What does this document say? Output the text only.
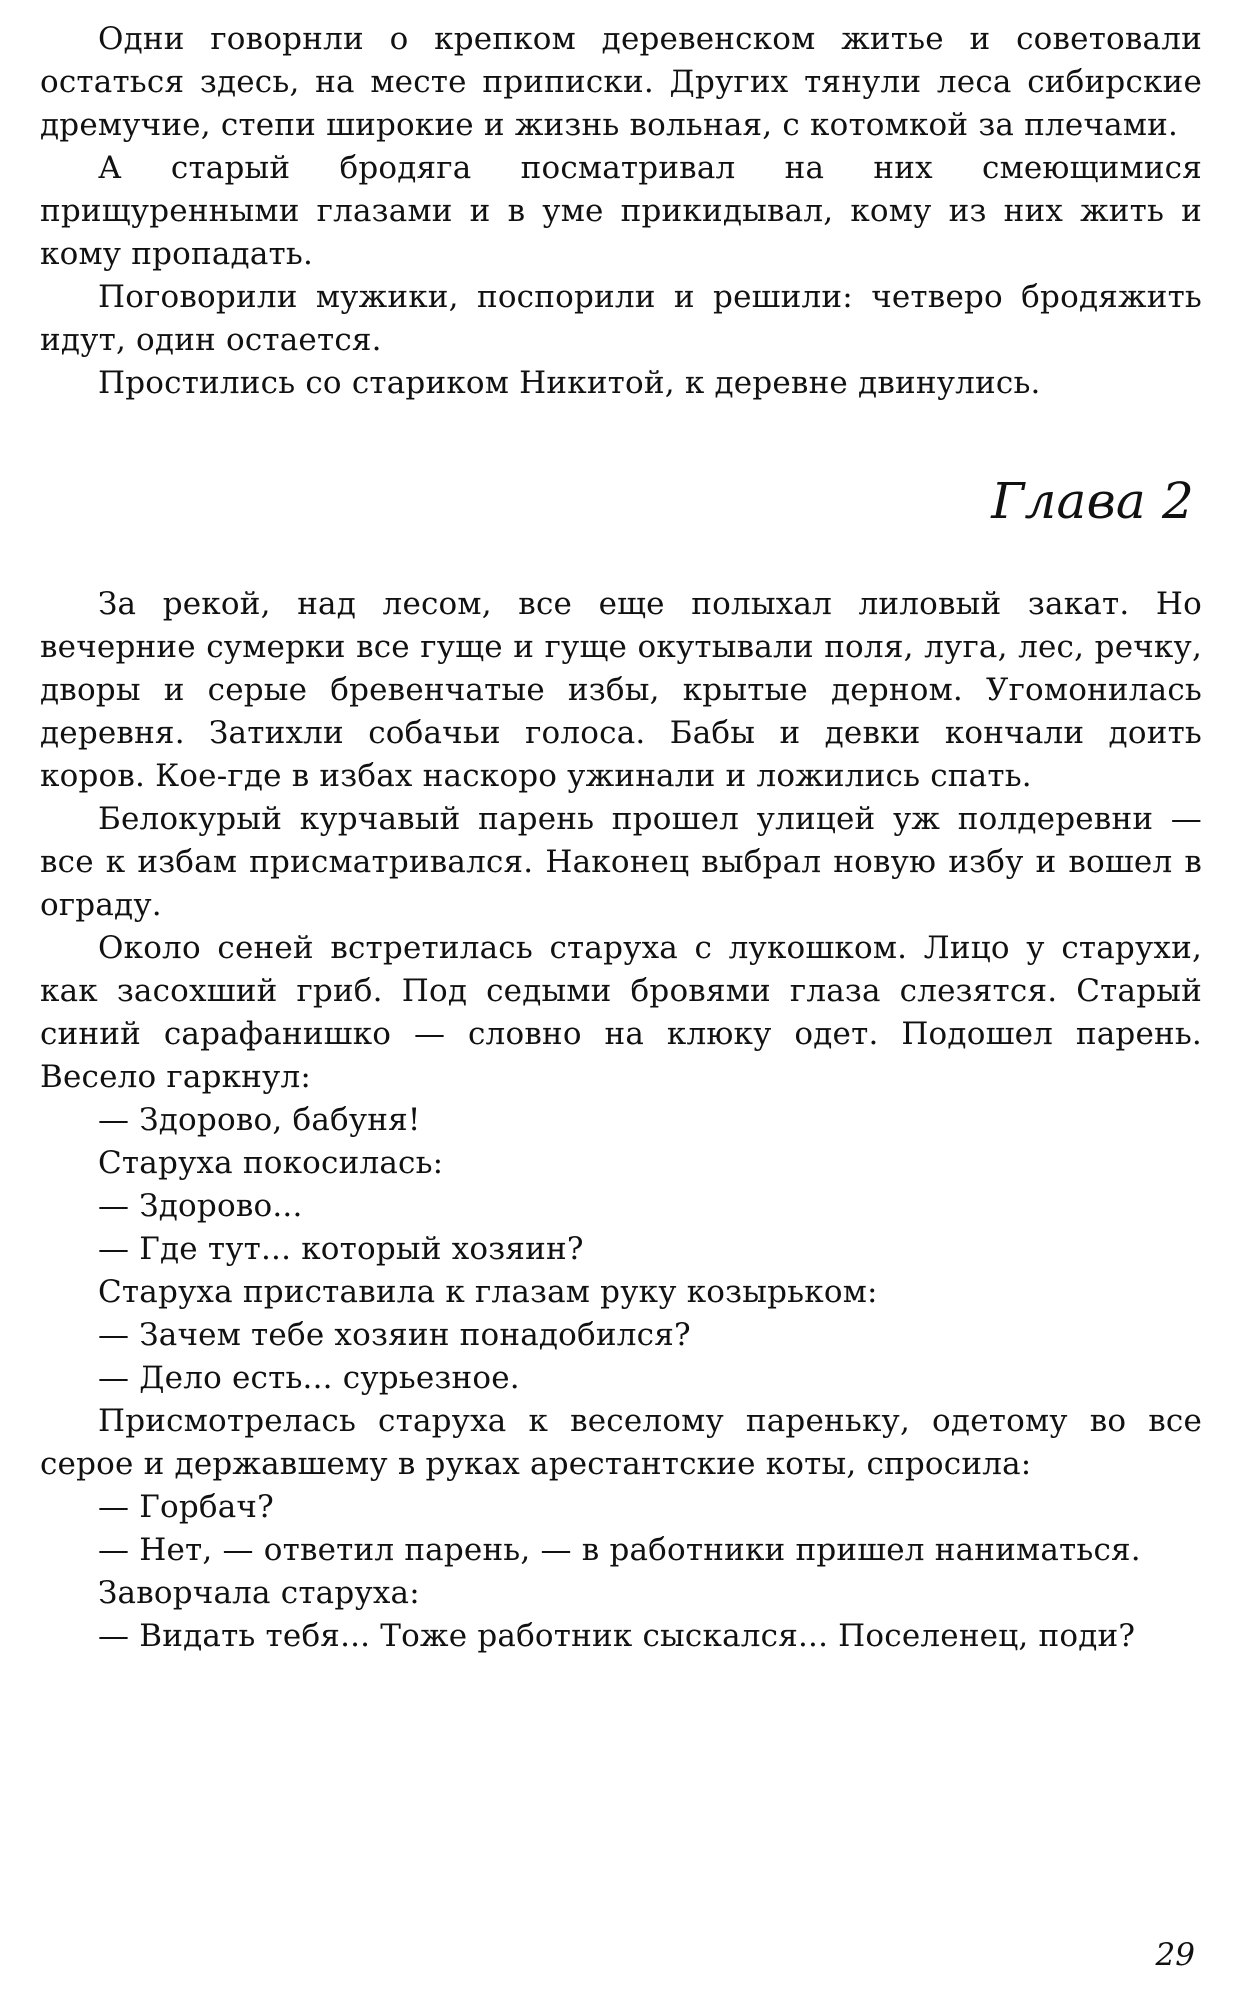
Одни говорнли о крепком деревенском житье и советовали остаться здесь, на месте приписки. Других тянули леса сибирские дремучие, степи широкие и жизнь вольная, с котомкой за плечами.

А старый бродяга посматривал на них смеющимися прищуренными глазами и в уме прикидывал, кому из них жить и кому пропадать.

Поговорили мужики, поспорили и решили: четверо бродяжить идут, один остается.

Простились со стариком Никитой, к деревне двинулись.

Глава 2

За рекой, над лесом, все еще полыхал лиловый закат. Но вечерние сумерки все гуще и гуще окутывали поля, луга, лес, речку, дворы и серые бревенчатые избы, крытые дерном. Угомонилась деревня. Затихли собачьи голоса. Бабы и девки кончали доить коров. Кое-где в избах наскоро ужинали и ложились спать.

Белокурый курчавый парень прошел улицей уж полдеревни — все к избам присматривался. Наконец выбрал новую избу и вошел в ограду.

Около сеней встретилась старуха с лукошком. Лицо у старухи, как засохший гриб. Под седыми бровями глаза слезятся. Старый синий сарафанишко — словно на клюку одет. Подошел парень. Весело гаркнул:

— Здорово, бабуня!

Старуха покосилась:

— Здорово...

— Где тут... который хозяин?

Старуха приставила к глазам руку козырьком:

— Зачем тебе хозяин понадобился?

— Дело есть... сурьезное.

Присмотрелась старуха к веселому пареньку, одетому во все серое и державшему в руках арестантские коты, спросила:

— Горбач?

— Нет, — ответил парень, — в работники пришел наниматься.

Заворчала старуха:

— Видать тебя... Тоже работник сыскался... Поселенец, поди?

29
